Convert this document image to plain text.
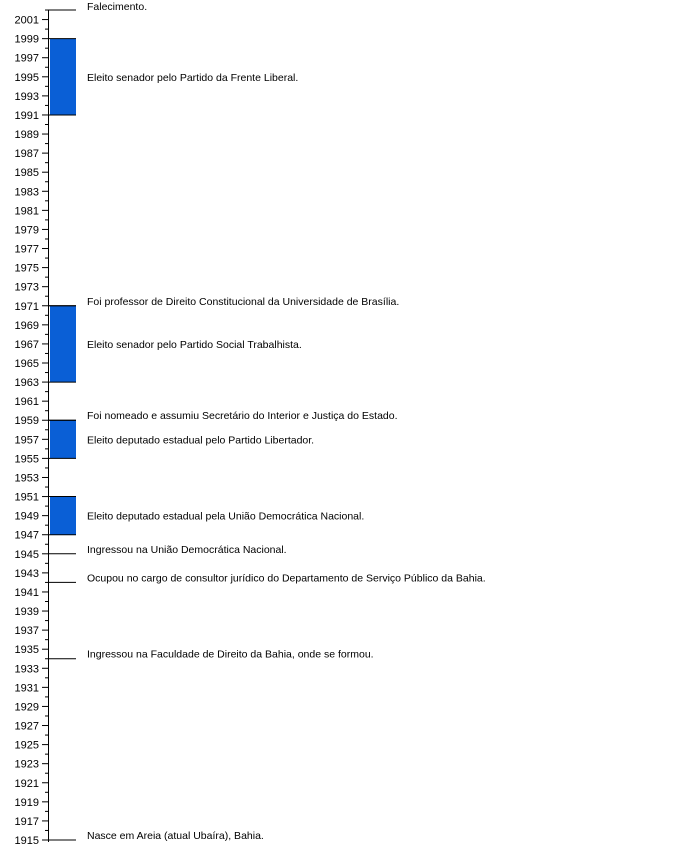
1915
1917
1919
1921
1923
1925
1927
1929
1931
1933
1935
1937
1939
1941
1943
1945
1947
1949
1951
1953
1955
1957
1959
1961
1963
1965
1967
1969
1971
1973
1975
1977
1979
1981
1983
1985
1987
1989
1991
1993
1995
1997
1999
2001
Eleito senador pelo Partido da Frente Liberal.
Eleito senador pelo Partido Social Trabalhista.
Eleito deputado estadual pelo Partido Libertador.
Eleito deputado estadual pela União Democrática Nacional.
Falecimento.
Foi professor de Direito Constitucional da Universidade de Brasília.
Foi nomeado e assumiu Secretário do Interior e Justiça do Estado.
Ingressou na União Democrática Nacional.
Ocupou no cargo de consultor jurídico do Departamento de Serviço Público da Bahia.
Ingressou na Faculdade de Direito da Bahia, onde se formou.
Nasce em Areia (atual Ubaíra), Bahia.
